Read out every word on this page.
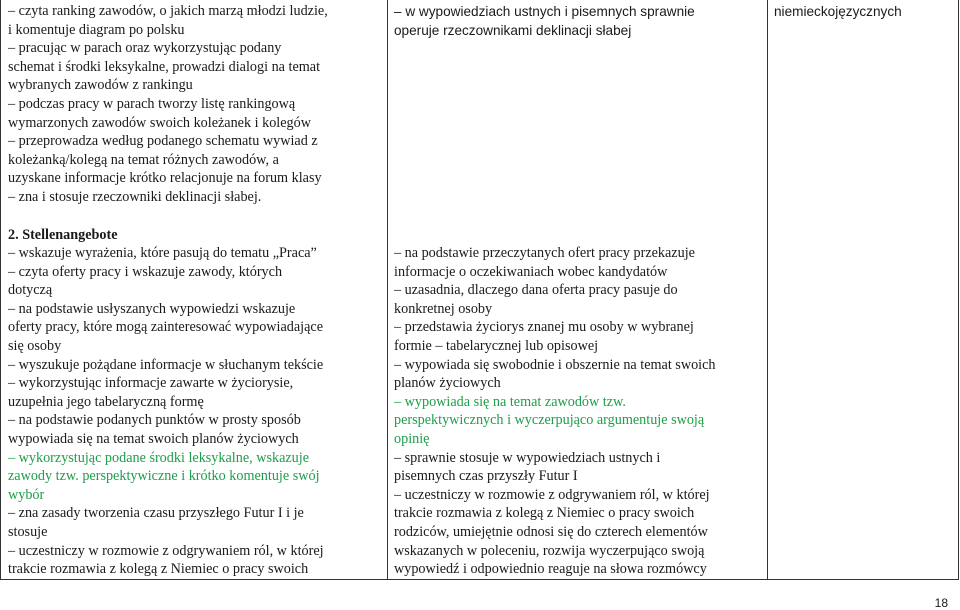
– czyta ranking zawodów, o jakich marzą młodzi ludzie,
i komentuje diagram po polsku
– pracując w parach oraz wykorzystując podany
schemat i środki leksykalne, prowadzi dialogi na temat
wybranych zawodów z rankingu
– podczas pracy w parach tworzy listę rankingową
wymarzonych zawodów swoich koleżanek i kolegów
– przeprowadza według podanego schematu wywiad z
koleżanką/kolegą na temat różnych zawodów, a
uzyskane informacje krótko relacjonuje na forum klasy
– zna i stosuje rzeczowniki deklinacji słabej.
– w wypowiedziach ustnych i pisemnych sprawnie
operuje rzeczownikami deklinacji słabej
niemieckojęzycznych
2. Stellenangebote
– wskazuje wyrażenia, które pasują do tematu „Praca”
– czyta oferty pracy i wskazuje zawody, których
dotyczą
– na podstawie usłyszanych wypowiedzi wskazuje
oferty pracy, które mogą zainteresować wypowiadające
się osoby
– wyszukuje pożądane informacje w słuchanym tekście
– wykorzystując informacje zawarte w życiorysie,
uzupełnia jego tabelaryczną formę
– na podstawie podanych punktów w prosty sposób
wypowiada się na temat swoich planów życiowych
– wykorzystując podane środki leksykalne, wskazuje
zawody tzw. perspektywiczne i krótko komentuje swój
wybór
– zna zasady tworzenia czasu przyszłego Futur I i je
stosuje
– uczestniczy w rozmowie z odgrywaniem ról, w której
trakcie rozmawia z kolegą z Niemiec o pracy swoich
– na podstawie przeczytanych ofert pracy przekazuje
informacje o oczekiwaniach wobec kandydatów
– uzasadnia, dlaczego dana oferta pracy pasuje do
konkretnej osoby
– przedstawia życiorys znanej mu osoby w wybranej
formie – tabelarycznej lub opisowej
– wypowiada się swobodnie i obszernie na temat swoich
planów życiowych
– wypowiada się na temat zawodów tzw.
perspektywicznych i wyczerpująco argumentuje swoją
opinię
– sprawnie stosuje w wypowiedziach ustnych i
pisemnych czas przyszły Futur I
– uczestniczy w rozmowie z odgrywaniem ról, w której
trakcie rozmawia z kolegą z Niemiec o pracy swoich
rodziców, umiejętnie odnosi się do czterech elementów
wskazanych w poleceniu, rozwija wyczerpująco swoją
wypowiedź i odpowiednio reaguje na słowa rozmówcy
18
